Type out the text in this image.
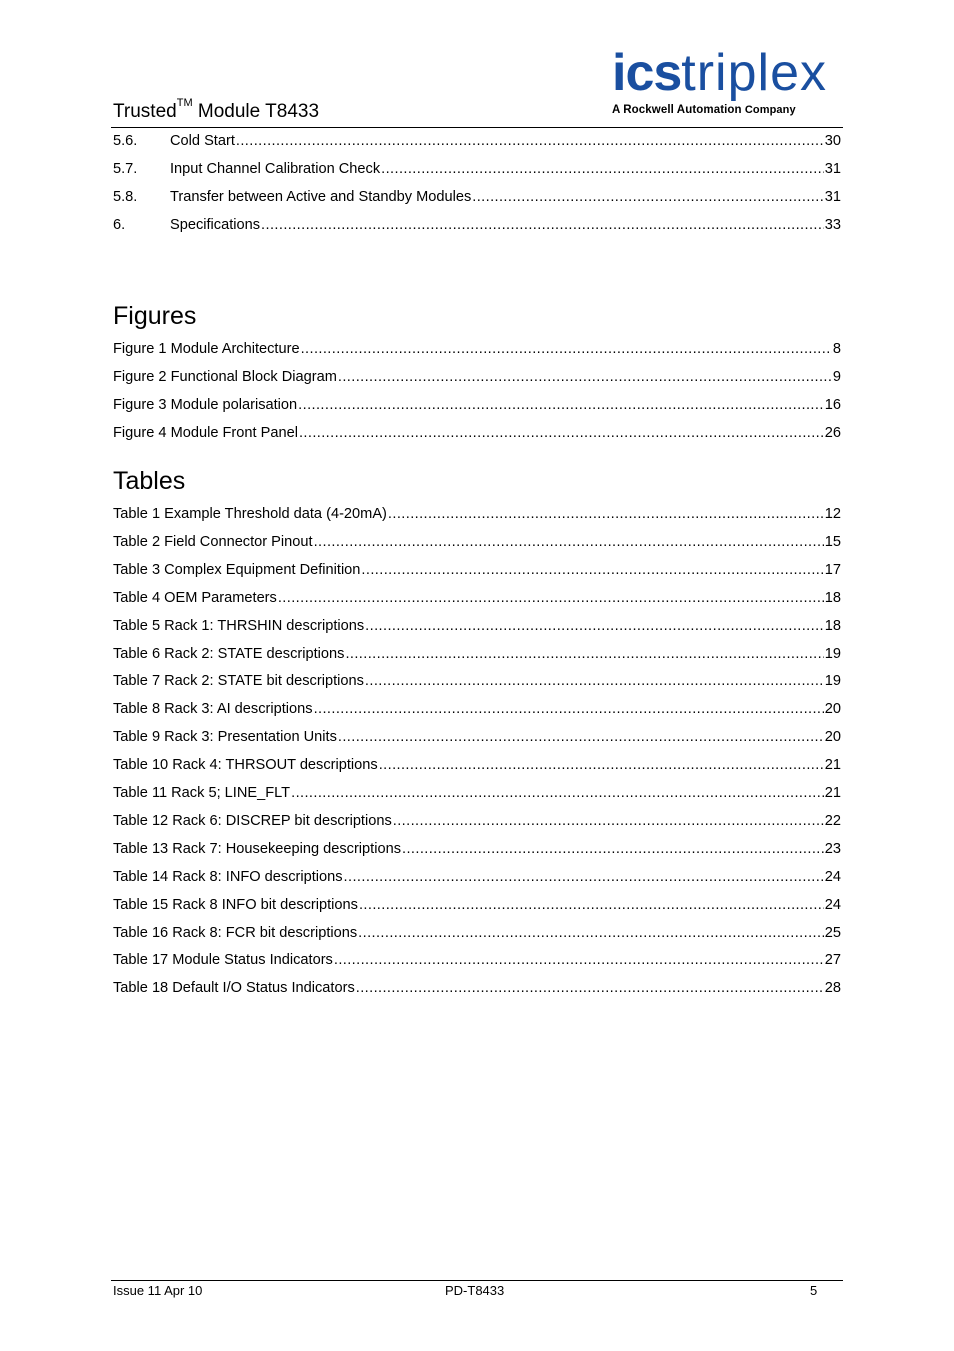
Trusted™ Module T8433
icstriplex
A Rockwell Automation Company
5.6.	Cold Start .....	30
5.7.	Input Channel Calibration Check .....	31
5.8.	Transfer between Active and Standby Modules .....	31
6.	Specifications .....	33
Figures
Figure 1 Module Architecture .....	8
Figure 2 Functional Block Diagram .....	9
Figure 3 Module polarisation .....	16
Figure 4 Module Front Panel .....	26
Tables
Table 1 Example Threshold data (4-20mA) .....	12
Table 2 Field Connector Pinout .....	15
Table 3 Complex Equipment Definition .....	17
Table 4 OEM Parameters .....	18
Table 5 Rack 1: THRSHIN descriptions .....	18
Table 6 Rack 2: STATE descriptions .....	19
Table 7 Rack 2: STATE bit descriptions .....	19
Table 8 Rack 3: AI descriptions .....	20
Table 9 Rack 3: Presentation Units .....	20
Table 10 Rack 4: THRSOUT descriptions .....	21
Table 11 Rack 5; LINE_FLT .....	21
Table 12 Rack 6: DISCREP bit descriptions .....	22
Table 13 Rack 7: Housekeeping descriptions .....	23
Table 14 Rack 8: INFO descriptions .....	24
Table 15 Rack 8 INFO bit descriptions .....	24
Table 16 Rack 8: FCR bit descriptions .....	25
Table 17 Module Status Indicators .....	27
Table 18 Default I/O Status Indicators .....	28
Issue 11 Apr 10	PD-T8433	5
